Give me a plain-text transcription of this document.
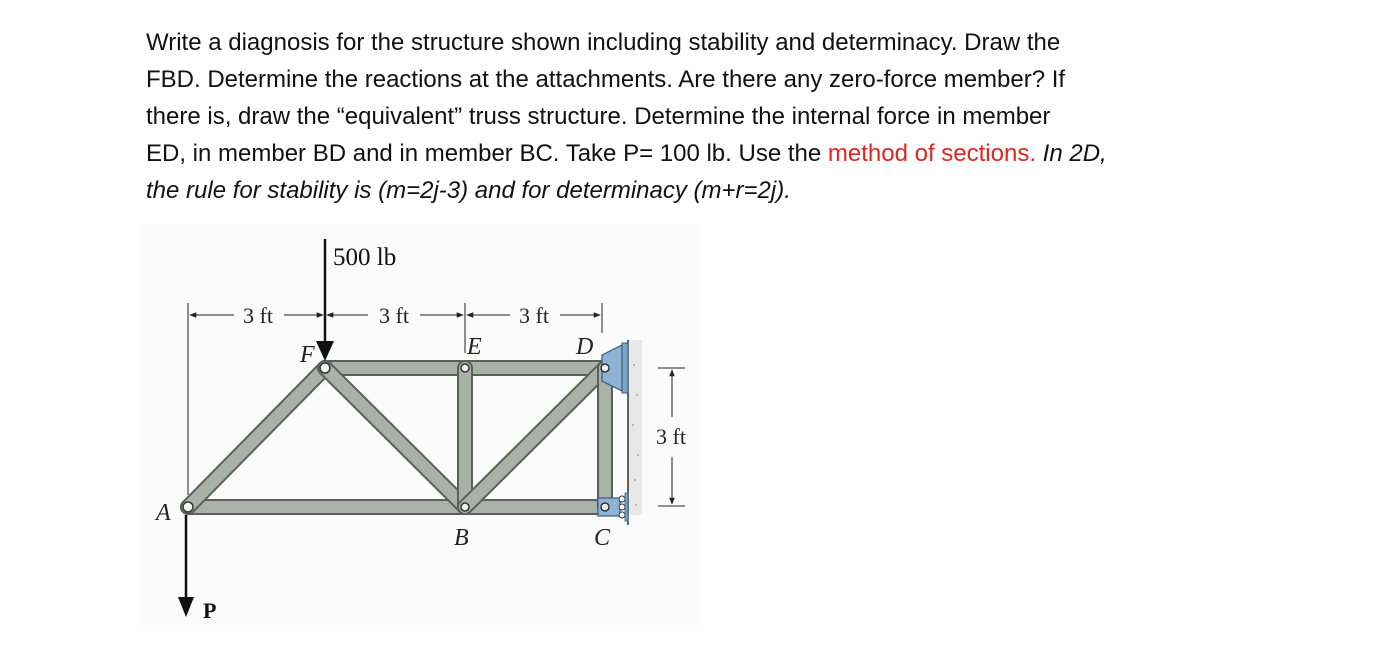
Write a diagnosis for the structure shown including stability and determinacy. Draw the
FBD. Determine the reactions at the attachments. Are there any zero-force member? If
there is, draw the “equivalent” truss structure. Determine the internal force in member
ED, in member BD and in member BC. Take P= 100 lb. Use the method of sections. In 2D,
the rule for stability is (m=2j-3) and for determinacy (m+r=2j).
3 ft	3 ft	3 ft
3 ft
500 lb
P
A
B	C
D
E
F
